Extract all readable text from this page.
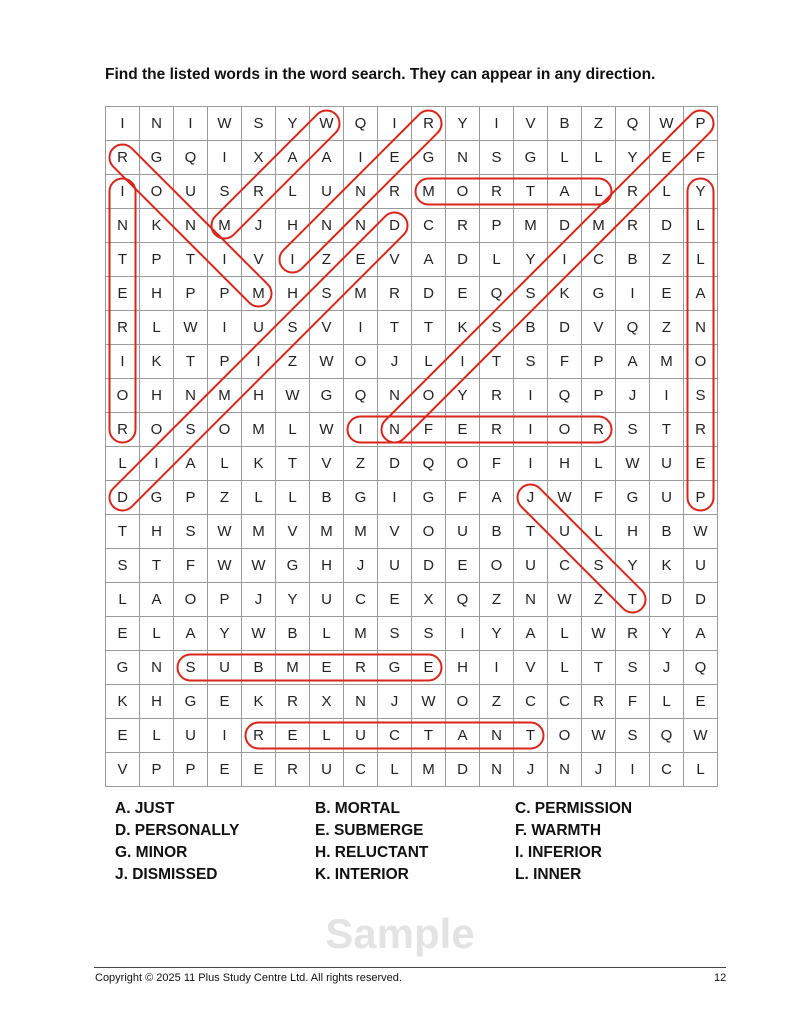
Find the listed words in the word search. They can appear in any direction.
I	N	I	W	S	Y	W	Q	I	R	Y	I	V	B	Z	Q	W	P
R	G	Q	I	X	A	A	I	E	G	N	S	G	L	L	Y	E	F
I	O	U	S	R	L	U	N	R	M	O	R	T	A	L	R	L	Y
N	K	N	M	J	H	N	N	D	C	R	P	M	D	M	R	D	L
T	P	T	I	V	I	Z	E	V	A	D	L	Y	I	C	B	Z	L
E	H	P	P	M	H	S	M	R	D	E	Q	S	K	G	I	E	A
R	L	W	I	U	S	V	I	T	T	K	S	B	D	V	Q	Z	N
I	K	T	P	I	Z	W	O	J	L	I	T	S	F	P	A	M	O
O	H	N	M	H	W	G	Q	N	O	Y	R	I	Q	P	J	I	S
R	O	S	O	M	L	W	I	N	F	E	R	I	O	R	S	T	R
L	I	A	L	K	T	V	Z	D	Q	O	F	I	H	L	W	U	E
D	G	P	Z	L	L	B	G	I	G	F	A	J	W	F	G	U	P
T	H	S	W	M	V	M	M	V	O	U	B	T	U	L	H	B	W
S	T	F	W	W	G	H	J	U	D	E	O	U	C	S	Y	K	U
L	A	O	P	J	Y	U	C	E	X	Q	Z	N	W	Z	T	D	D
E	L	A	Y	W	B	L	M	S	S	I	Y	A	L	W	R	Y	A
G	N	S	U	B	M	E	R	G	E	H	I	V	L	T	S	J	Q
K	H	G	E	K	R	X	N	J	W	O	Z	C	C	R	F	L	E
E	L	U	I	R	E	L	U	C	T	A	N	T	O	W	S	Q	W
V	P	P	E	E	R	U	C	L	M	D	N	J	N	J	I	C	L
A. JUST	B. MORTAL	C. PERMISSION
D. PERSONALLY	E. SUBMERGE	F. WARMTH
G. MINOR	H. RELUCTANT	I. INFERIOR
J. DISMISSED	K. INTERIOR	L. INNER
Sample
Copyright © 2025 11 Plus Study Centre Ltd. All rights reserved.	12
